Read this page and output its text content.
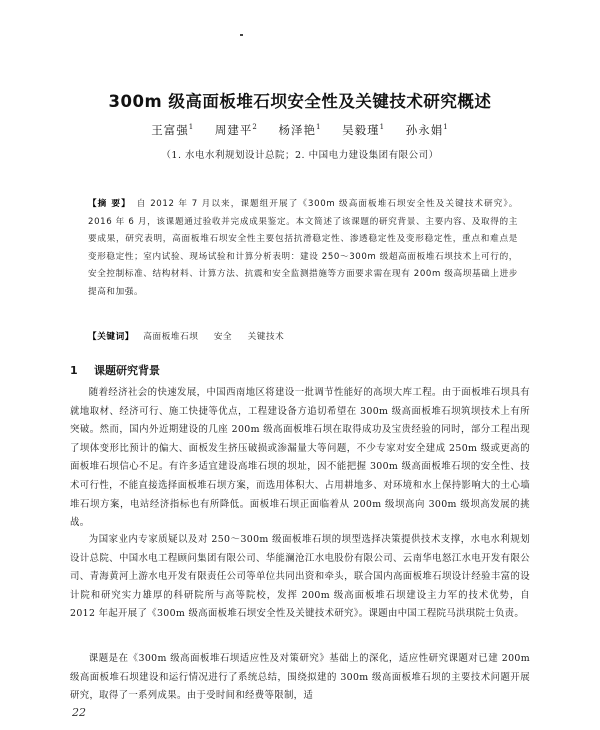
300m 级高面板堆石坝安全性及关键技术研究概述
王富强$^1$ 周建平$^2$ 杨泽艳$^1$ 吴毅瑾$^1$ 孙永娟$^1$
（1. 水电水利规划设计总院；2. 中国电力建设集团有限公司）
【摘 要】 自 2012 年 7 月以来，课题组开展了《300m 级高面板堆石坝安全性及关键技术研究》。2016 年 6 月，该课题通过验收并完成成果鉴定。本文简述了该课题的研究背景、主要内容、及取得的主要成果，研究表明，高面板堆石坝安全性主要包括抗滑稳定性、渗透稳定性及变形稳定性，重点和难点是变形稳定性；室内试验、现场试验和计算分析表明：建设 250～300m 级超高面板堆石坝技术上可行的，安全控制标准、结构材料、计算方法、抗震和安全监测措施等方面要求需在现有 200m 级高坝基础上进步提高和加强。
【关键词】 高面板堆石坝 安全 关键技术
1 课题研究背景

随着经济社会的快速发展，中国西南地区将建设一批调节性能好的高坝大库工程。由于面板堆石坝具有就地取材、经济可行、施工快捷等优点，工程建设备方追切希望在 300m 级高面板堆石坝筑坝技术上有所突破。然而，国内外近期建设的几座 200m 级高面板堆石坝在取得成功及宝贵经验的同时，部分工程出现了坝体变形比预计的偏大、面板发生挤压破损或渗漏量大等问题，不少专家对安全建成 250m 级或更高的面板堆石坝信心不足。有许多适宜建设高堆石坝的坝址，因不能把握 300m 级高面板堆石坝的安全性、技术可行性，不能直接选择面板堆石坝方案，而选用体积大、占用耕地多、对环境和水上保持影响大的土心墙堆石坝方案，电站经济指标也有所降低。面板堆石坝正面临着从 200m 级坝高向 300m 级坝高发展的挑战。

为国家业内专家质疑以及对 250～300m 级面板堆石坝的坝型选择决策提供技术支撑，水电水利规划设计总院、中国水电工程顾问集团有限公司、华能澜沧江水电股份有限公司、云南华电怒江水电开发有限公司、青海黄河上游水电开发有限责任公司等单位共同出资和牵头，联合国内高面板堆石坝设计经验丰富的设计院和研究实力雄厚的科研院所与高等院校，发挥 200m 级高面板堆石坝建设主力军的技术优势，自 2012 年起开展了《300m 级高面板堆石坝安全性及关键技术研究》。课题由中国工程院马洪琪院士负责。

课题是在《300m 级高面板堆石坝适应性及对策研究》基础上的深化，适应性研究课题对已建 200m 级高面板堆石坝建设和运行情况进行了系统总结，围绕拟建的 300m 级高面板堆石坝的主要技术问题开展研究，取得了一系列成果。由于受时间和经费等限制，适

22
